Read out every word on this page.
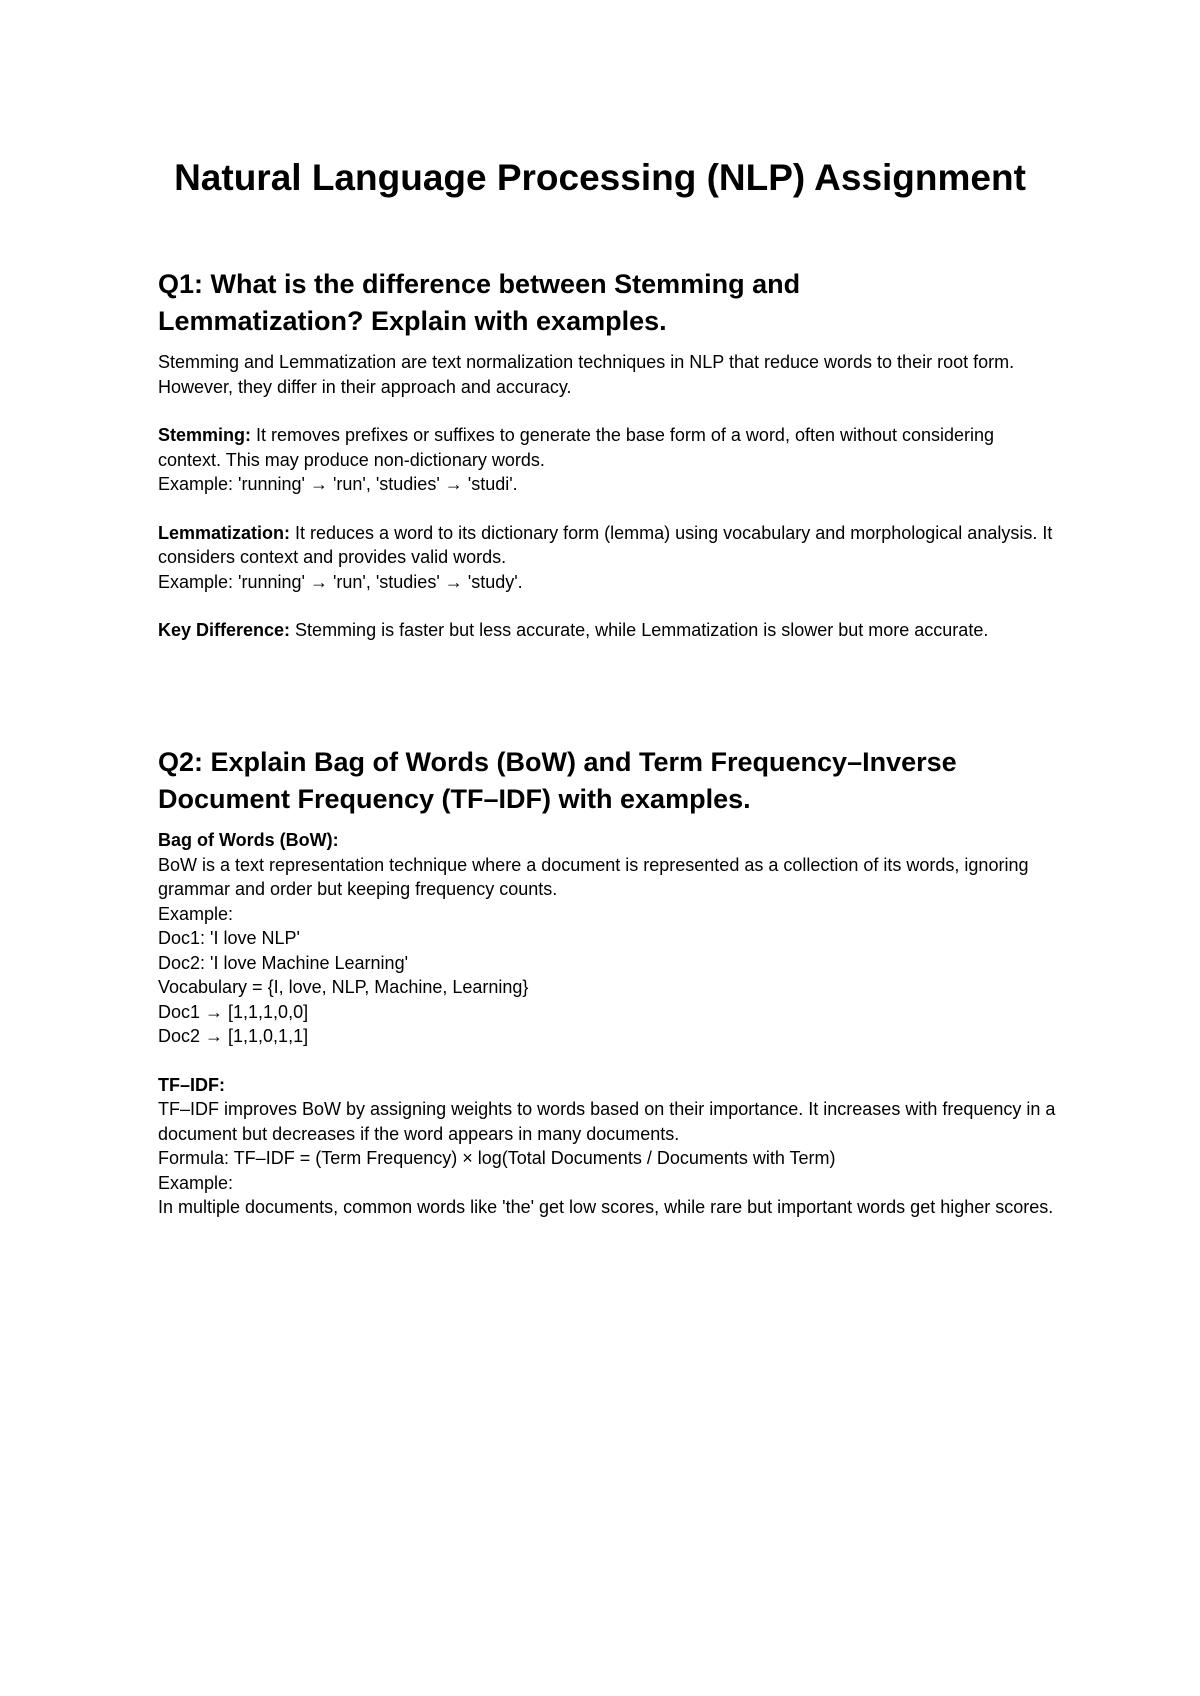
Natural Language Processing (NLP) Assignment
Q1: What is the difference between Stemming and Lemmatization? Explain with examples.

Stemming and Lemmatization are text normalization techniques in NLP that reduce words to their root form. However, they differ in their approach and accuracy.

Stemming: It removes prefixes or suffixes to generate the base form of a word, often without considering context. This may produce non-dictionary words.
Example: 'running' → 'run', 'studies' → 'studi'.

Lemmatization: It reduces a word to its dictionary form (lemma) using vocabulary and morphological analysis. It considers context and provides valid words.
Example: 'running' → 'run', 'studies' → 'study'.

Key Difference: Stemming is faster but less accurate, while Lemmatization is slower but more accurate.

Q2: Explain Bag of Words (BoW) and Term Frequency–Inverse Document Frequency (TF–IDF) with examples.

Bag of Words (BoW):
BoW is a text representation technique where a document is represented as a collection of its words, ignoring grammar and order but keeping frequency counts.
Example:
Doc1: 'I love NLP'
Doc2: 'I love Machine Learning'
Vocabulary = {I, love, NLP, Machine, Learning}
Doc1 → [1,1,1,0,0]
Doc2 → [1,1,0,1,1]

TF–IDF:
TF–IDF improves BoW by assigning weights to words based on their importance. It increases with frequency in a document but decreases if the word appears in many documents.
Formula: TF–IDF = (Term Frequency) × log(Total Documents / Documents with Term)
Example:
In multiple documents, common words like 'the' get low scores, while rare but important words get higher scores.
